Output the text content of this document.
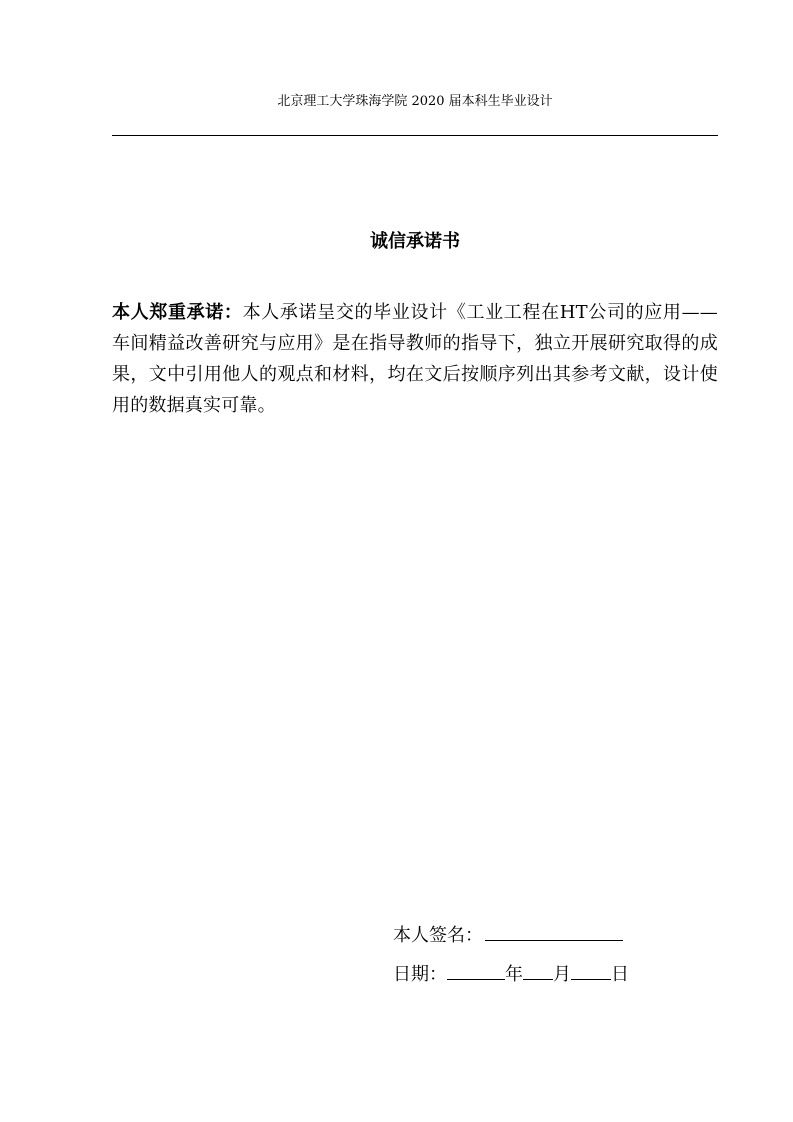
北京理工大学珠海学院 2020 届本科生毕业设计
诚信承诺书

本人郑重承诺：本人承诺呈交的毕业设计《工业工程在HT公司的应用——车间精益改善研究与应用》是在指导教师的指导下，独立开展研究取得的成果，文中引用他人的观点和材料，均在文后按顺序列出其参考文献，设计使用的数据真实可靠。

本人签名：
日期：	年 月 日
